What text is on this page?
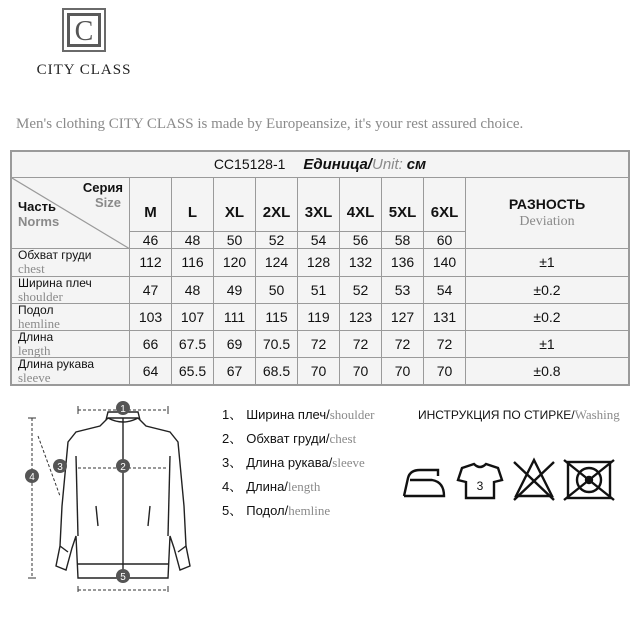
C
CITY CLASS
Men's clothing CITY CLASS is made by Europeansize, it's your rest assured choice.
CC15128-1 Единица/Unit: см									

Серия
Size
Часть
Norms	M	L	XL	2XL	3XL	4XL	5XL	6XL	РАЗНОСТЬ
Deviation

	46	48	50	52	54	56	58	60	

Обхват груди
chest	112	116	120	124	128	132	136	140	±1

Ширина плеч
shoulder	47	48	49	50	51	52	53	54	±0.2

Подол
hemline	103	107	111	115	119	123	127	131	±0.2

Длина
length	66	67.5	69	70.5	72	72	72	72	±1

Длина рукава
sleeve	64	65.5	67	68.5	70	70	70	70	±0.8
1
2
3
4
5
1、 Ширина плеч/shoulder
2、 Обхват груди/chest
3、 Длина рукава/sleeve
4、 Длина/length
5、 Подол/hemline
ИНСТРУКЦИЯ ПО СТИРКЕ/Washing
3
